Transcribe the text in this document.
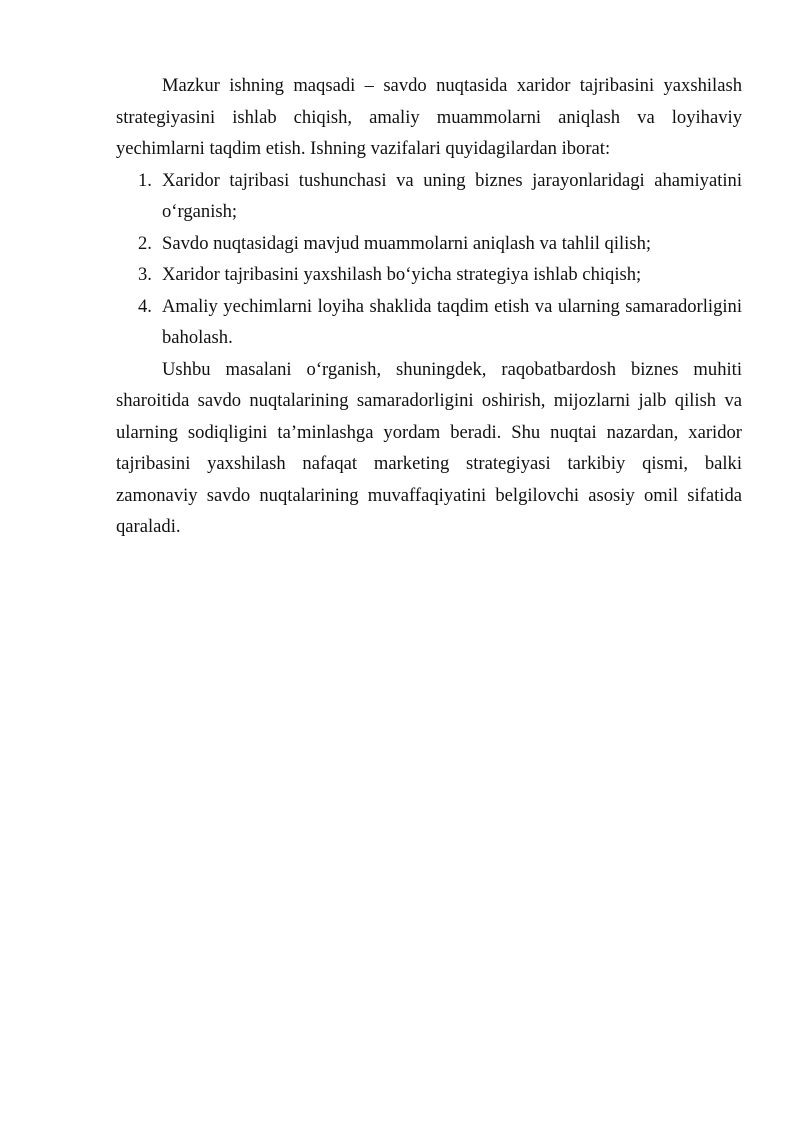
Mazkur ishning maqsadi – savdo nuqtasida xaridor tajribasini yaxshilash strategiyasini ishlab chiqish, amaliy muammolarni aniqlash va loyihaviy yechimlarni taqdim etish. Ishning vazifalari quyidagilardan iborat:

1. Xaridor tajribasi tushunchasi va uning biznes jarayonlaridagi ahamiyatini o‘rganish;
2. Savdo nuqtasidagi mavjud muammolarni aniqlash va tahlil qilish;
3. Xaridor tajribasini yaxshilash bo‘yicha strategiya ishlab chiqish;
4. Amaliy yechimlarni loyiha shaklida taqdim etish va ularning samaradorligini baholash.

Ushbu masalani o‘rganish, shuningdek, raqobatbardosh biznes muhiti sharoitida savdo nuqtalarining samaradorligini oshirish, mijozlarni jalb qilish va ularning sodiqligini ta’minlashga yordam beradi. Shu nuqtai nazardan, xaridor tajribasini yaxshilash nafaqat marketing strategiyasi tarkibiy qismi, balki zamonaviy savdo nuqtalarining muvaffaqiyatini belgilovchi asosiy omil sifatida qaraladi.
